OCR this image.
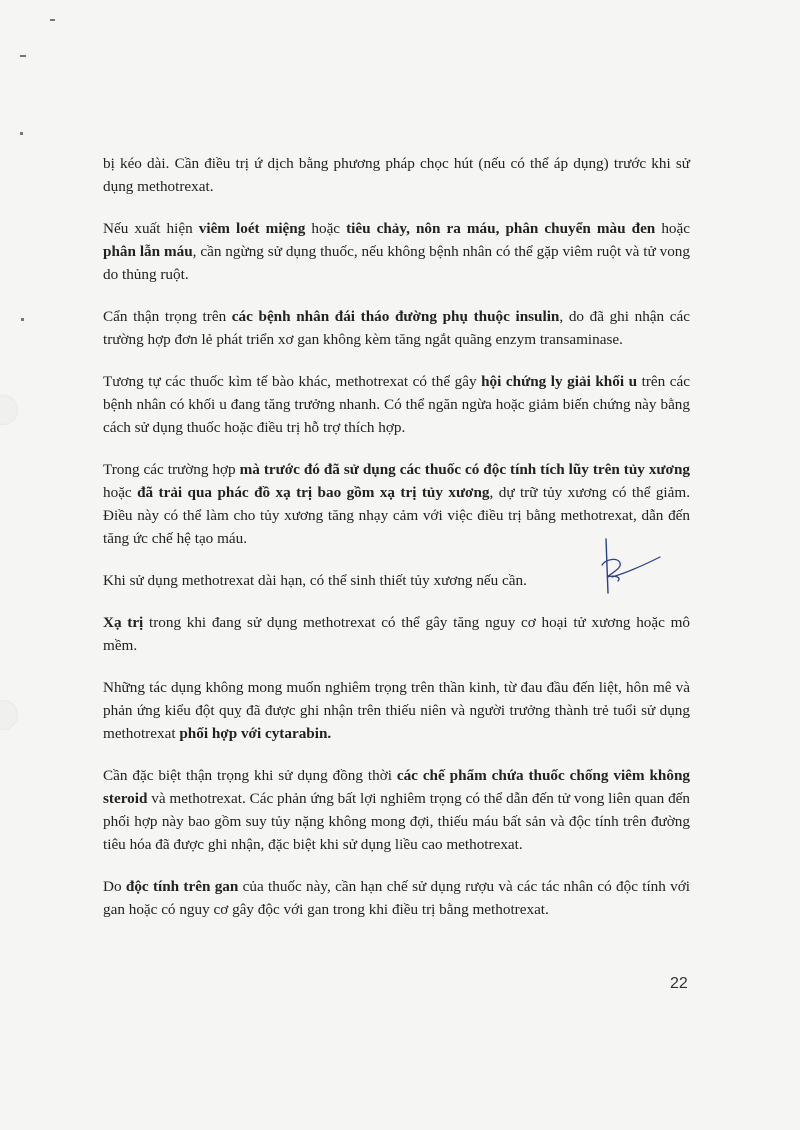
bị kéo dài. Cần điều trị ứ dịch bằng phương pháp chọc hút (nếu có thể áp dụng) trước khi sử dụng methotrexat.

Nếu xuất hiện viêm loét miệng hoặc tiêu chảy, nôn ra máu, phân chuyển màu đen hoặc phân lẫn máu, cần ngừng sử dụng thuốc, nếu không bệnh nhân có thể gặp viêm ruột và tử vong do thủng ruột.

Cẩn thận trọng trên các bệnh nhân đái tháo đường phụ thuộc insulin, do đã ghi nhận các trường hợp đơn lẻ phát triển xơ gan không kèm tăng ngắt quãng enzym transaminase.

Tương tự các thuốc kìm tế bào khác, methotrexat có thể gây hội chứng ly giải khối u trên các bệnh nhân có khối u đang tăng trưởng nhanh. Có thể ngăn ngừa hoặc giảm biến chứng này bằng cách sử dụng thuốc hoặc điều trị hỗ trợ thích hợp.

Trong các trường hợp mà trước đó đã sử dụng các thuốc có độc tính tích lũy trên tủy xương hoặc đã trải qua phác đồ xạ trị bao gồm xạ trị tủy xương, dự trữ tủy xương có thể giảm. Điều này có thể làm cho tủy xương tăng nhạy cảm với việc điều trị bằng methotrexat, dẫn đến tăng ức chế hệ tạo máu.

Khi sử dụng methotrexat dài hạn, có thể sinh thiết tủy xương nếu cần.

Xạ trị trong khi đang sử dụng methotrexat có thể gây tăng nguy cơ hoại tử xương hoặc mô mềm.

Những tác dụng không mong muốn nghiêm trọng trên thần kinh, từ đau đầu đến liệt, hôn mê và phản ứng kiểu đột quỵ đã được ghi nhận trên thiếu niên và người trưởng thành trẻ tuổi sử dụng methotrexat phối hợp với cytarabin.

Cần đặc biệt thận trọng khi sử dụng đồng thời các chế phẩm chứa thuốc chống viêm không steroid và methotrexat. Các phản ứng bất lợi nghiêm trọng có thể dẫn đến tử vong liên quan đến phối hợp này bao gồm suy tủy nặng không mong đợi, thiếu máu bất sản và độc tính trên đường tiêu hóa đã được ghi nhận, đặc biệt khi sử dụng liều cao methotrexat.

Do độc tính trên gan của thuốc này, cần hạn chế sử dụng rượu và các tác nhân có độc tính với gan hoặc có nguy cơ gây độc với gan trong khi điều trị bằng methotrexat.

22
